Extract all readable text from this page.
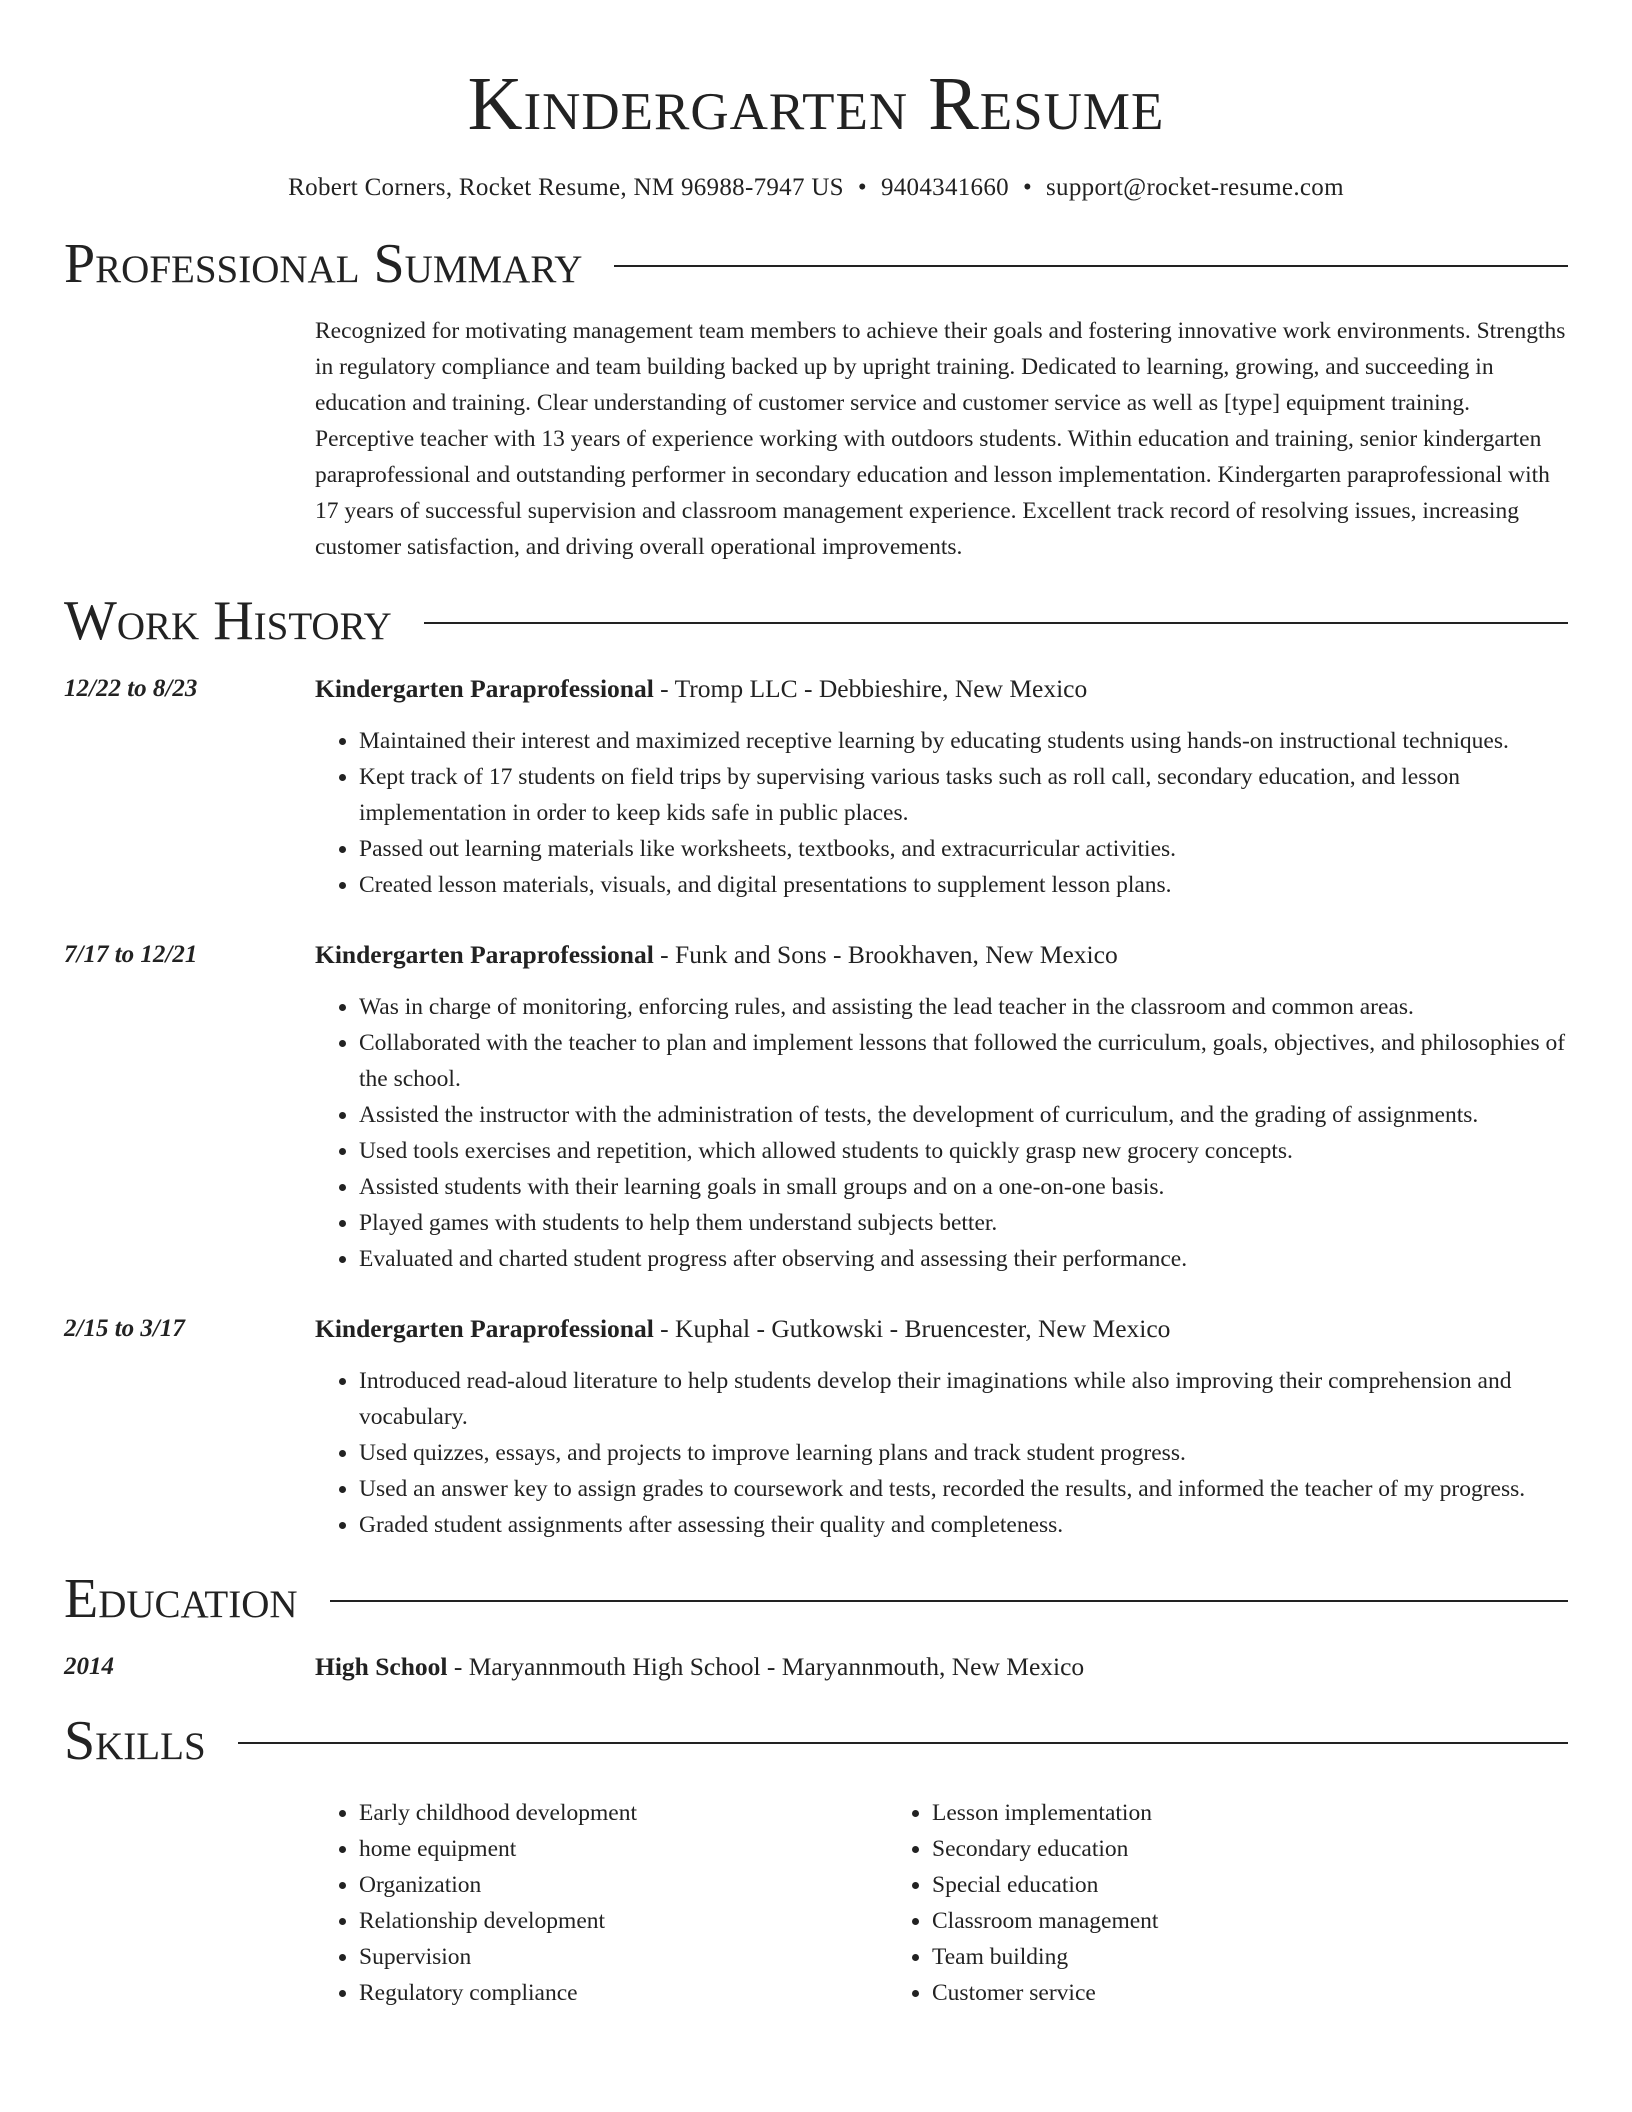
Kindergarten Resume
Robert Corners, Rocket Resume, NM 96988-7947 US • 9404341660 • support@rocket-resume.com
Professional Summary

Recognized for motivating management team members to achieve their goals and fostering innovative work environments. Strengths in regulatory compliance and team building backed up by upright training. Dedicated to learning, growing, and succeeding in education and training. Clear understanding of customer service and customer service as well as [type] equipment training. Perceptive teacher with 13 years of experience working with outdoors students. Within education and training, senior kindergarten paraprofessional and outstanding performer in secondary education and lesson implementation. Kindergarten paraprofessional with 17 years of successful supervision and classroom management experience. Excellent track record of resolving issues, increasing customer satisfaction, and driving overall operational improvements.

Work History
12/22 to 8/23	Kindergarten Paraprofessional - Tromp LLC - Debbieshire, New Mexico
• Maintained their interest and maximized receptive learning by educating students using hands-on instructional techniques.
• Kept track of 17 students on field trips by supervising various tasks such as roll call, secondary education, and lesson implementation in order to keep kids safe in public places.
• Passed out learning materials like worksheets, textbooks, and extracurricular activities.
• Created lesson materials, visuals, and digital presentations to supplement lesson plans.
7/17 to 12/21	Kindergarten Paraprofessional - Funk and Sons - Brookhaven, New Mexico
• Was in charge of monitoring, enforcing rules, and assisting the lead teacher in the classroom and common areas.
• Collaborated with the teacher to plan and implement lessons that followed the curriculum, goals, objectives, and philosophies of the school.
• Assisted the instructor with the administration of tests, the development of curriculum, and the grading of assignments.
• Used tools exercises and repetition, which allowed students to quickly grasp new grocery concepts.
• Assisted students with their learning goals in small groups and on a one-on-one basis.
• Played games with students to help them understand subjects better.
• Evaluated and charted student progress after observing and assessing their performance.
2/15 to 3/17	Kindergarten Paraprofessional - Kuphal - Gutkowski - Bruencester, New Mexico
• Introduced read-aloud literature to help students develop their imaginations while also improving their comprehension and vocabulary.
• Used quizzes, essays, and projects to improve learning plans and track student progress.
• Used an answer key to assign grades to coursework and tests, recorded the results, and informed the teacher of my progress.
• Graded student assignments after assessing their quality and completeness.
Education
2014	High School - Maryannmouth High School - Maryannmouth, New Mexico
Skills
• Early childhood development
• home equipment
• Organization
• Relationship development
• Supervision
• Regulatory compliance
• Lesson implementation
• Secondary education
• Special education
• Classroom management
• Team building
• Customer service
